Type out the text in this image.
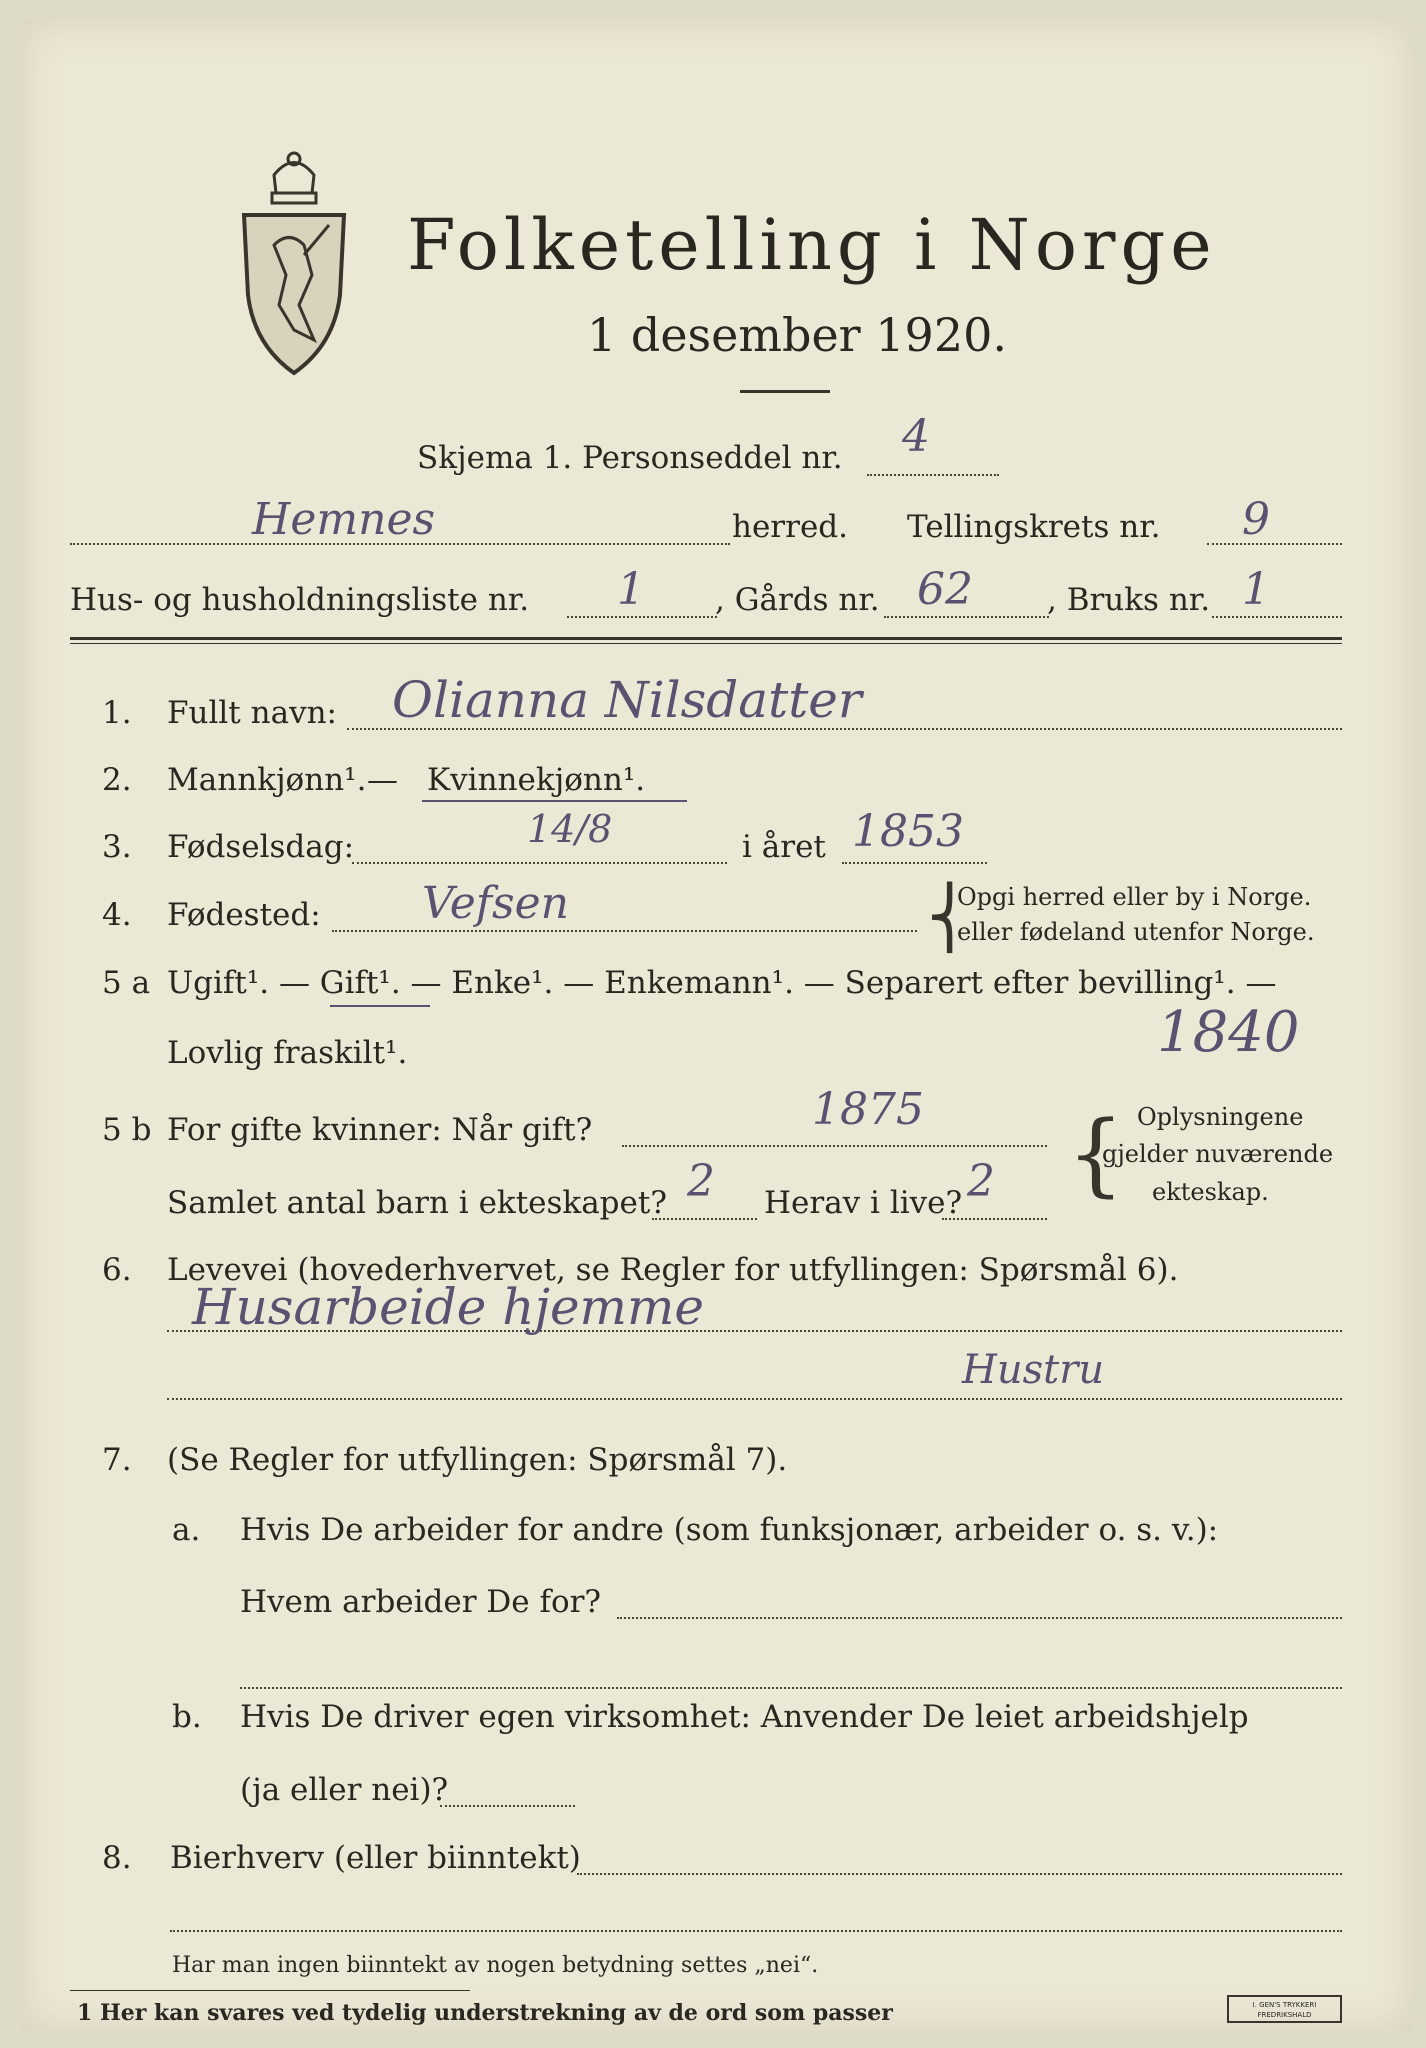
Folketelling i Norge
1 desember 1920.
Skjema 1. Personseddel nr. 4
Hemnes	herred. Tellingskrets nr. 9
Hus- og husholdningsliste nr. 1 , Gårds nr. 62 , Bruks nr. 1
1. Fullt navn: Olianna Nilsdatter
2. Mannkjønn¹. — Kvinnekjønn¹.
3. Fødselsdag:	14/8	i året 1853
4. Fødested: Vefsen	⎨
Opgi herred eller by i Norge.
eller fødeland utenfor Norge.
5 a Ugift¹. — Gift¹. — Enke¹. — Enkemann¹. — Separert efter bevilling¹. —
Lovlig fraskilt¹.	1840
5 b For gifte kvinner: Når gift?	1875
Samlet antal barn i ekteskapet? 2 Herav i live? 2 { Oplysningene
gjelder nuværende
ekteskap.
6. Levevei (hovederhvervet, se Regler for utfyllingen: Spørsmål 6).
Husarbeide hjemme
Hustru
7. (Se Regler for utfyllingen: Spørsmål 7).
a. Hvis De arbeider for andre (som funksjonær, arbeider o. s. v.):
Hvem arbeider De for?
b. Hvis De driver egen virksomhet: Anvender De leiet arbeidshjelp
(ja eller nei)?
8. Bierhverv (eller biinntekt)
Har man ingen biinntekt av nogen betydning settes „nei“.
1 Her kan svares ved tydelig understrekning av de ord som passer	I. GEN'S TRYKKERI
FREDRIKSHALD
